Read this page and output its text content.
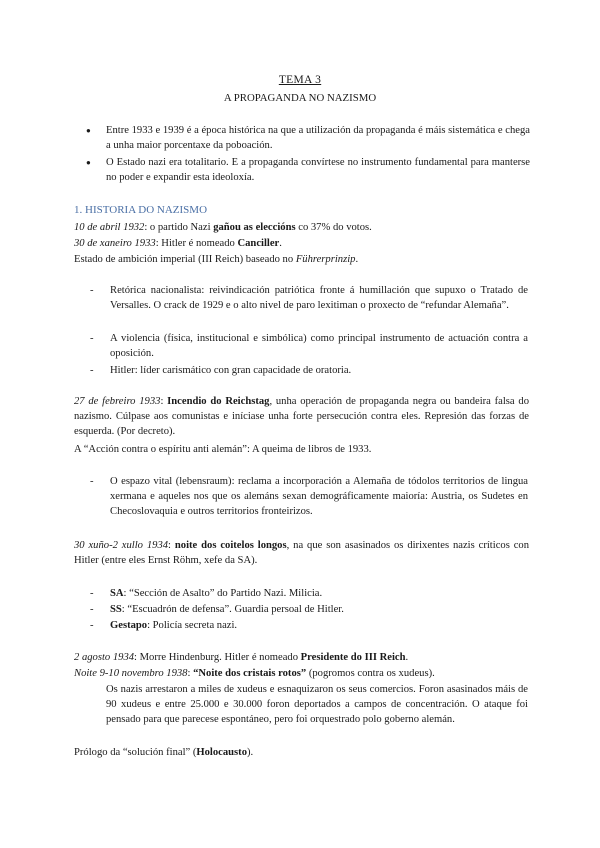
TEMA 3
A PROPAGANDA NO NAZISMO
● Entre 1933 e 1939 é a época histórica na que a utilización da propaganda é máis sistemática e chega a unha maior porcentaxe da poboación.
● O Estado nazi era totalitario. E a propaganda convírtese no instrumento fundamental para manterse no poder e expandir esta ideoloxía.
1. HISTORIA DO NAZISMO
10 de abril 1932: o partido Nazi gañou as eleccións co 37% do votos.
30 de xaneiro 1933: Hitler é nomeado Canciller.
Estado de ambición imperial (III Reich) baseado no Führerprinzip.
- Retórica nacionalista: reivindicación patriótica fronte á humillación que supuxo o Tratado de Versalles. O crack de 1929 e o alto nivel de paro lexitiman o proxecto de “refundar Alemaña”.
- A violencia (física, institucional e simbólica) como principal instrumento de actuación contra a oposición.
- Hitler: líder carismático con gran capacidade de oratoria.
27 de febreiro 1933: Incendio do Reichstag, unha operación de propaganda negra ou bandeira falsa do nazismo. Cúlpase aos comunistas e iníciase unha forte persecución contra eles. Represión das forzas de esquerda. (Por decreto).
A “Acción contra o espíritu anti alemán”: A queima de libros de 1933.
- O espazo vital (lebensraum): reclama a incorporación a Alemaña de tódolos territorios de lingua xermana e aqueles nos que os alemáns sexan demográficamente maioría: Austria, os Sudetes en Checoslovaquia e outros territorios fronteirizos.
30 xuño-2 xullo 1934: noite dos coitelos longos, na que son asasinados os dirixentes nazis críticos con Hitler (entre eles Ernst Röhm, xefe da SA).
- SA: “Sección de Asalto” do Partido Nazi. Milicia.
- SS: “Escuadrón de defensa”. Guardia persoal de Hitler.
- Gestapo: Policía secreta nazi.
2 agosto 1934: Morre Hindenburg. Hitler é nomeado Presidente do III Reich.
Noite 9-10 novembro 1938: “Noite dos cristais rotos” (pogromos contra os xudeus).
Os nazis arrestaron a miles de xudeus e esnaquizaron os seus comercios. Foron asasinados máis de 90 xudeus e entre 25.000 e 30.000 foron deportados a campos de concentración. O ataque foi pensado para que parecese espontáneo, pero foi orquestrado polo goberno alemán.
Prólogo da “solución final” (Holocausto).
